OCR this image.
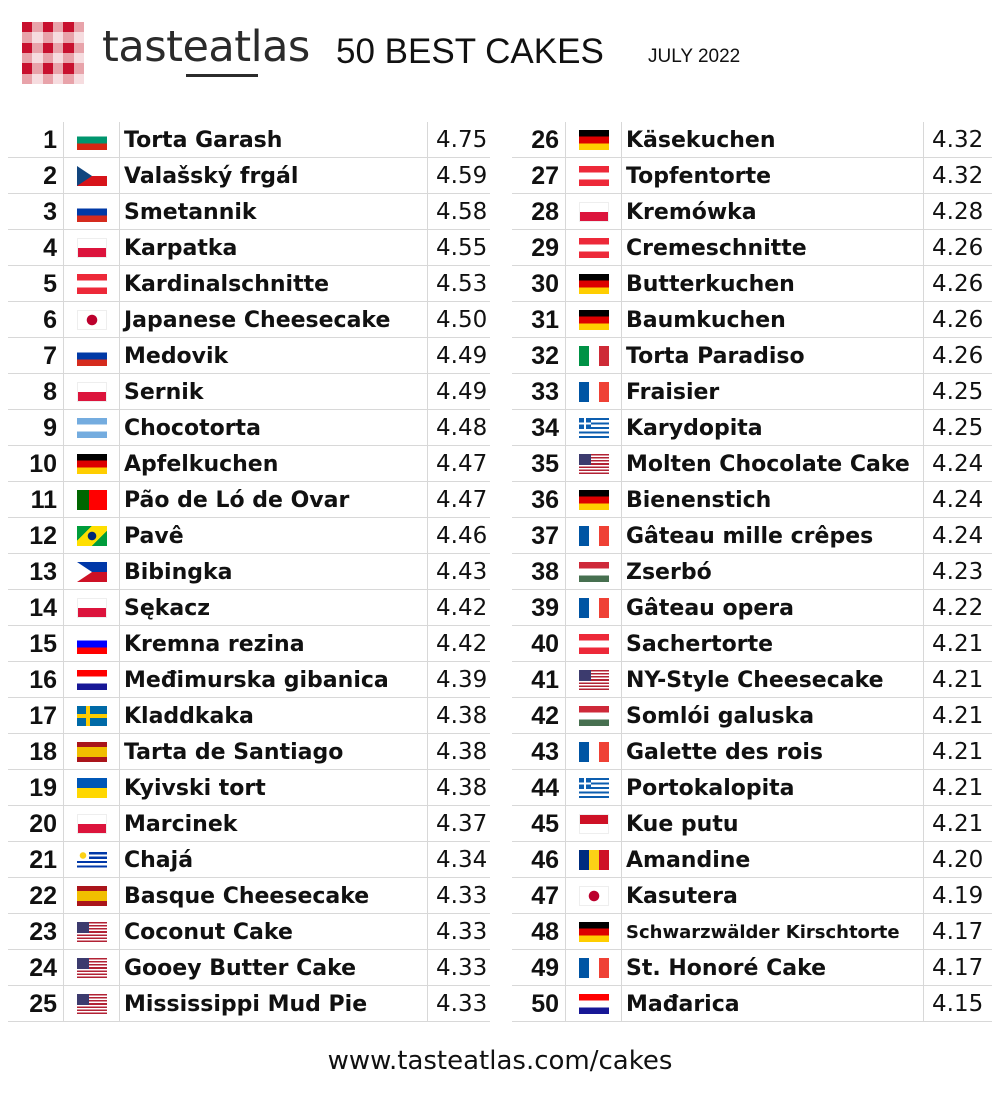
tasteatlas 50 BEST CAKES JULY 2022
1	Torta Garash	4.75
2	Valašský frgál	4.59
3	Smetannik	4.58
4	Karpatka	4.55
5	Kardinalschnitte	4.53
6	Japanese Cheesecake	4.50
7	Medovik	4.49
8	Sernik	4.49
9	Chocotorta	4.48
10	Apfelkuchen	4.47
11	Pão de Ló de Ovar	4.47
12	Pavê	4.46
13	Bibingka	4.43
14	Sękacz	4.42
15	Kremna rezina	4.42
16	Međimurska gibanica	4.39
17	Kladdkaka	4.38
18	Tarta de Santiago	4.38
19	Kyivski tort	4.38
20	Marcinek	4.37
21	Chajá	4.34
22	Basque Cheesecake	4.33
23	Coconut Cake	4.33
24	Gooey Butter Cake	4.33
25	Mississippi Mud Pie	4.33
26	Käsekuchen	4.32
27	Topfentorte	4.32
28	Kremówka	4.28
29	Cremeschnitte	4.26
30	Butterkuchen	4.26
31	Baumkuchen	4.26
32	Torta Paradiso	4.26
33	Fraisier	4.25
34	Karydopita	4.25
35	Molten Chocolate Cake 4.24
36	Bienenstich	4.24
37	Gâteau mille crêpes	4.24
38	Zserbó	4.23
39	Gâteau opera	4.22
40	Sachertorte	4.21
41	NY-Style Cheesecake	4.21
42	Somlói galuska	4.21
43	Galette des rois	4.21
44	Portokalopita	4.21
45	Kue putu	4.21
46	Amandine	4.20
47	Kasutera	4.19
48	Schwarzwälder Kirschtorte	4.17
49	St. Honoré Cake	4.17
50	Mađarica	4.15
www.tasteatlas.com/cakes
